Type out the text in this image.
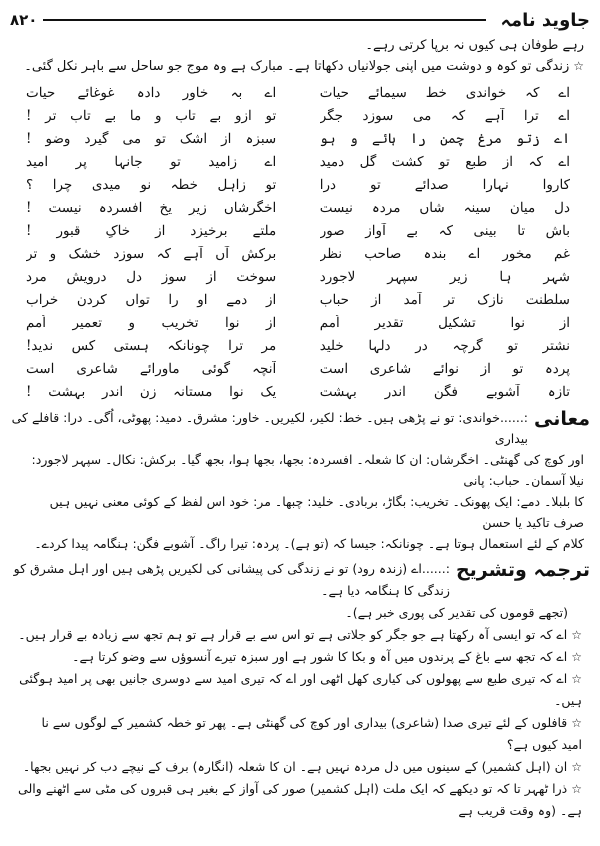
جاوید نامہ
۸۲۰

رہے طوفان ہی کیوں نہ برپا کرتی رہے۔

☆زندگی تو کوہ و دوشت میں اپنی جولانیاں دکھاتا ہے۔ مبارک ہے وہ موج جو ساحل سے باہر نکل گئی۔

اے کہ خواندی خط سیمائے حیات
اے بہ خاور دادہ غوغائے حیات
اے ترا آہے کہ می سوزد جگر
تو ازو بے تاب و ما بے تاب تر !
اے زتو مرغ چمن را ہائے و ہو
سبزہ از اشک تو می گیرد وضو !
اے کہ از طبع تو کشت گل دمید
اے زامید تو جانہا پر امید
کاروا نہارا صدائے تو درا
تو زاہل خطہ نو میدی چرا ؟
دل میان سینہ شاں مردہ نیست
اخگرشاں زیرِ یخ افسردہ نیست !
باش تا بینی کہ بے آواز صور
ملتے برخیزد از خاکِ قبور !
غم مخور اے بندہ صاحب نظر
برکش آں آہے کہ سوزد خشک و تر
شہر ہا زیر سپہر لاجورد
سوخت از سوز دل درویش مرد
سلطنت نازک تر آمد از حباب
از دمے او را تواں کردن خراب
از نوا تشکیل تقدیر اُمم
از نوا تخریب و تعمیر اُمم
نشتر تو گرچہ در دلہا خلید
مر ترا چونانکہ ہستی کس ندید!
پردہ تو از نوائے شاعری است
آنچہ گوئی ماورائے شاعری است
تازہ آشوبے فگن اندر بہشت
یک نوا مستانہ زن اندر بہشت !
معانی

:......خواندی: تو نے پڑھی ہیں۔ خط: لکیر، لکیریں۔ خاور: مشرق۔ دمید: پھوٹی، اُگی۔ درا: قافلے کی بیداری

اور کوچ کی گھنٹی۔ اخگرشاں: ان کا شعلہ۔ افسردہ: بجھا، بجھا ہوا، بجھ گیا۔ برکش: نکال۔ سپہر لاجورد: نیلا آسمان۔ حباب: پانی
کا بلبلا۔ دمے: ایک پھونک۔ تخریب: بگاڑ، بربادی۔ خلید: چبھا۔ مر: خود اس لفظ کے کوئی معنی نہیں ہیں صرف تاکید یا حسن
کلام کے لئے استعمال ہوتا ہے۔ چونانکہ: جیسا کہ (تو ہے)۔ پردہ: تیرا راگ۔ آشوبے فگن: ہنگامہ پیدا کردے۔
ترجمہ وتشریح

:......اے (زندہ رود) تو نے زندگی کی پیشانی کی لکیریں پڑھی ہیں اور اہل مشرق کو زندگی کا ہنگامہ دیا ہے۔

(تجھے قوموں کی تقدیر کی پوری خبر ہے)۔
☆اے کہ تو ایسی آہ رکھتا ہے جو جگر کو جلاتی ہے تو اس سے بے قرار ہے تو ہم تجھ سے زیادہ بے قرار ہیں۔
☆اے کہ تجھ سے باغ کے پرندوں میں آہ و بکا کا شور ہے اور سبزہ تیرے آنسوؤں سے وضو کرتا ہے۔
☆اے کہ تیری طبع سے پھولوں کی کیاری کھل اٹھی اور اے کہ تیری امید سے دوسری جانیں بھی پر امید ہوگئی ہیں۔
☆قافلوں کے لئے تیری صدا (شاعری) بیداری اور کوچ کی گھنٹی ہے۔ پھر تو خطہ کشمیر کے لوگوں سے نا امید کیوں ہے؟
☆ان (اہل کشمیر) کے سینوں میں دل مردہ نہیں ہے۔ ان کا شعلہ (انگارہ) برف کے نیچے دب کر نہیں بجھا۔
☆ذرا ٹھہر تا کہ تو دیکھے کہ ایک ملت (اہل کشمیر) صور کی آواز کے بغیر ہی قبروں کی مٹی سے اٹھنے والی ہے۔ (وہ وقت قریب ہے
